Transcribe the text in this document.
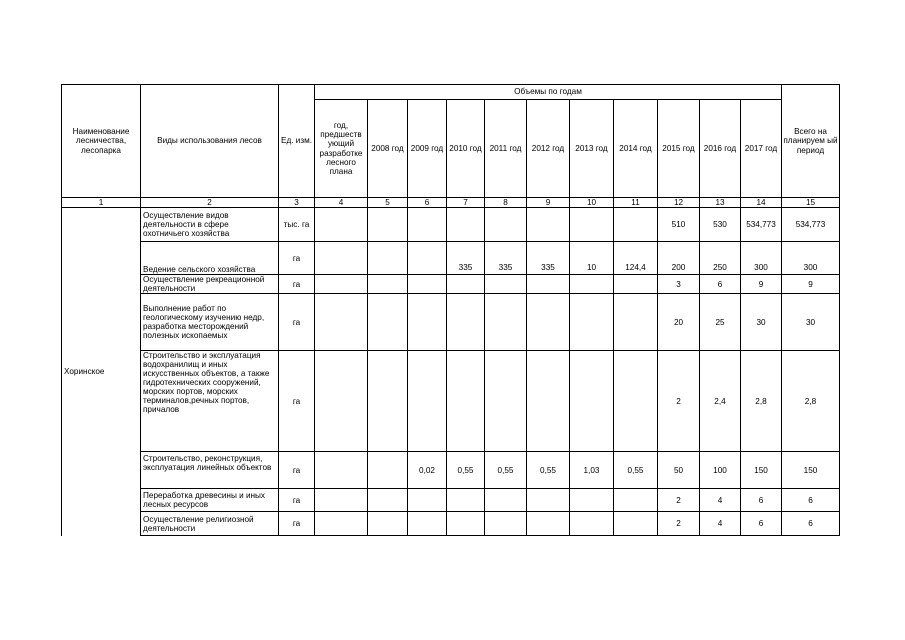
Наименование лесничества, лесопарка	Виды использования лесов	Ед. изм.	Объемы по годам											Всего на планируем ый период
			год, предшеств ующий разработке лесного плана	2008 год	2009 год	2010 год	2011 год	2012 год	2013 год	2014 год	2015 год	2016 год	2017 год	
1	2	3	4	5	6	7	8	9	10	11	12	13	14	15
Хоринское	Осуществление видов деятельности в сфере охотничьего хозяйства	тыс. га									510	530	534,773	534,773
	Ведение сельского хозяйства	га				335	335	335	10	124,4	200	250	300	300
	Осуществление рекреационной деятельности	га									3	6	9	9
	Выполнение работ по геологическому изучению недр, разработка месторождений полезных ископаемых	га									20	25	30	30
	Строительство и эксплуатация водохранилищ и иных искусственных объектов, а также гидротехнических сооружений, морских портов, морских терминалов,речных портов, причалов	га									2	2,4	2,8	2,8
	Строительство, реконструкция, эксплуатация линейных объектов	га			0,02	0,55	0,55	0,55	1,03	0,55	50	100	150	150
	Переработка древесины и иных лесных ресурсов	га									2	4	6	6
	Осуществление религиозной деятельности	га									2	4	6	6
